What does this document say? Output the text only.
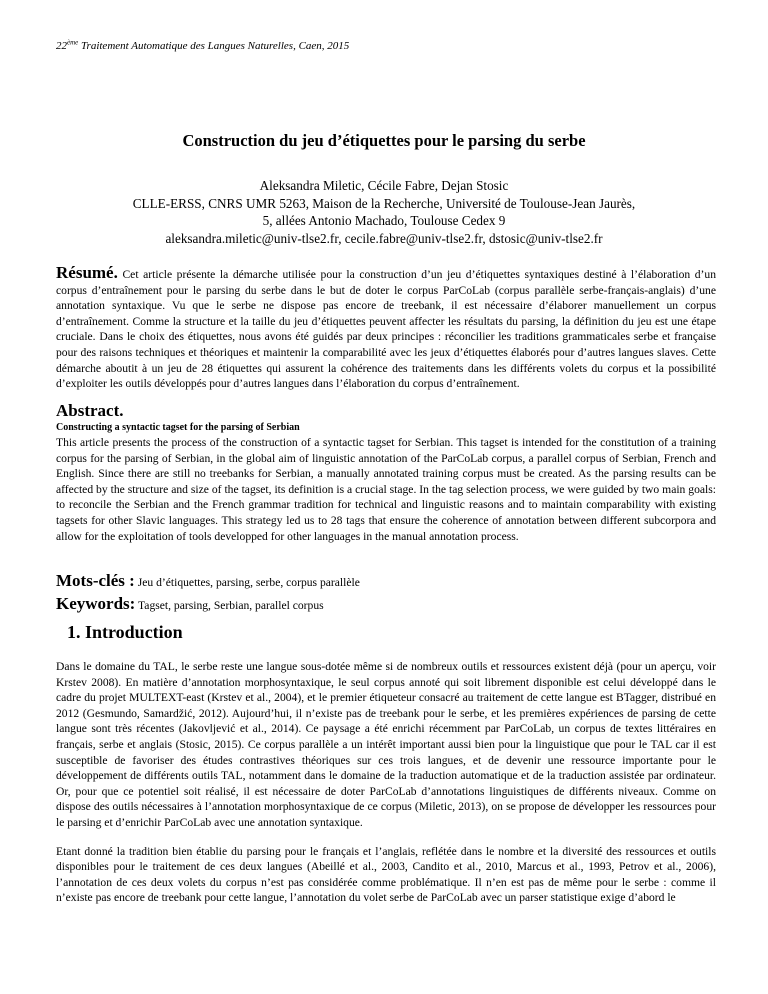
22ème Traitement Automatique des Langues Naturelles, Caen, 2015
Construction du jeu d’étiquettes pour le parsing du serbe
Aleksandra Miletic, Cécile Fabre, Dejan Stosic
CLLE-ERSS, CNRS UMR 5263, Maison de la Recherche, Université de Toulouse-Jean Jaurès,
5, allées Antonio Machado, Toulouse Cedex 9
aleksandra.miletic@univ-tlse2.fr, cecile.fabre@univ-tlse2.fr, dstosic@univ-tlse2.fr
Résumé. Cet article présente la démarche utilisée pour la construction d’un jeu d’étiquettes syntaxiques destiné à l’élaboration d’un corpus d’entraînement pour le parsing du serbe dans le but de doter le corpus ParCoLab (corpus parallèle serbe-français-anglais) d’une annotation syntaxique. Vu que le serbe ne dispose pas encore de treebank, il est nécessaire d’élaborer manuellement un corpus d’entraînement. Comme la structure et la taille du jeu d’étiquettes peuvent affecter les résultats du parsing, la définition du jeu est une étape cruciale. Dans le choix des étiquettes, nous avons été guidés par deux principes : réconcilier les traditions grammaticales serbe et française pour des raisons techniques et théoriques et maintenir la comparabilité avec les jeux d’étiquettes élaborés pour d’autres langues slaves. Cette démarche aboutit à un jeu de 28 étiquettes qui assurent la cohérence des traitements dans les différents volets du corpus et la possibilité d’exploiter les outils développés pour d’autres langues dans l’élaboration du corpus d’entraînement.
Abstract.
Constructing a syntactic tagset for the parsing of Serbian
This article presents the process of the construction of a syntactic tagset for Serbian. This tagset is intended for the constitution of a training corpus for the parsing of Serbian, in the global aim of linguistic annotation of the ParCoLab corpus, a parallel corpus of Serbian, French and English. Since there are still no treebanks for Serbian, a manually annotated training corpus must be created. As the parsing results can be affected by the structure and size of the tagset, its definition is a crucial stage. In the tag selection process, we were guided by two main goals: to reconcile the Serbian and the French grammar tradition for technical and linguistic reasons and to maintain comparability with existing tagsets for other Slavic languages. This strategy led us to 28 tags that ensure the coherence of annotation between different subcorpora and allow for the exploitation of tools developped for other languages in the manual annotation process.
Mots-clés : Jeu d’étiquettes, parsing, serbe, corpus parallèle
Keywords: Tagset, parsing, Serbian, parallel corpus
1. Introduction

Dans le domaine du TAL, le serbe reste une langue sous-dotée même si de nombreux outils et ressources existent déjà (pour un aperçu, voir Krstev 2008). En matière d’annotation morphosyntaxique, le seul corpus annoté qui soit librement disponible est celui développé dans le cadre du projet MULTEXT-east (Krstev et al., 2004), et le premier étiqueteur consacré au traitement de cette langue est BTagger, distribué en 2012 (Gesmundo, Samardžić, 2012). Aujourd’hui, il n’existe pas de treebank pour le serbe, et les premières expériences de parsing de cette langue sont très récentes (Jakovljević et al., 2014). Ce paysage a été enrichi récemment par ParCoLab, un corpus de textes littéraires en français, serbe et anglais (Stosic, 2015). Ce corpus parallèle a un intérêt important aussi bien pour la linguistique que pour le TAL car il est susceptible de favoriser des études contrastives théoriques sur ces trois langues, et de devenir une ressource importante pour le développement de différents outils TAL, notamment dans le domaine de la traduction automatique et de la traduction assistée par ordinateur. Or, pour que ce potentiel soit réalisé, il est nécessaire de doter ParCoLab d’annotations linguistiques de différents niveaux. Comme on dispose des outils nécessaires à l’annotation morphosyntaxique de ce corpus (Miletic, 2013), on se propose de développer les ressources pour le parsing et d’enrichir ParCoLab avec une annotation syntaxique.

Etant donné la tradition bien établie du parsing pour le français et l’anglais, reflétée dans le nombre et la diversité des ressources et outils disponibles pour le traitement de ces deux langues (Abeillé et al., 2003, Candito et al., 2010, Marcus et al., 1993, Petrov et al., 2006), l’annotation de ces deux volets du corpus n’est pas considérée comme problématique. Il n’en est pas de même pour le serbe : comme il n’existe pas encore de treebank pour cette langue, l’annotation du volet serbe de ParCoLab avec un parser statistique exige d’abord le
